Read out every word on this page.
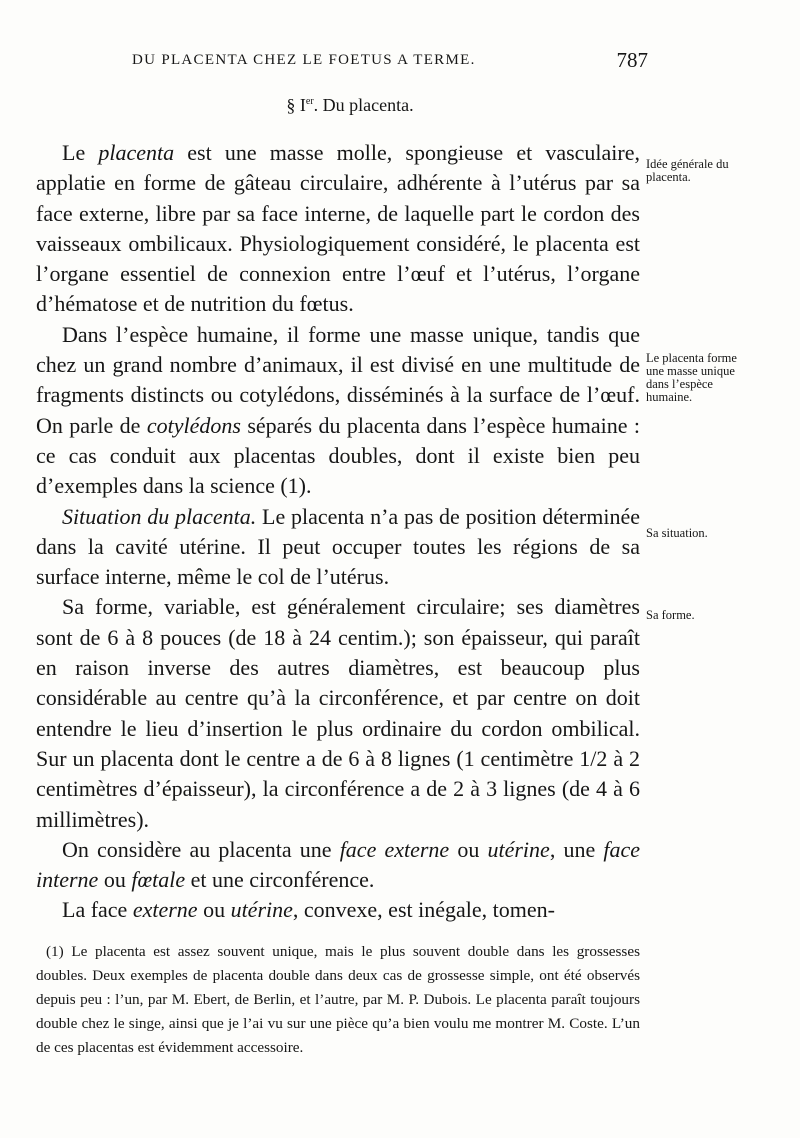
DU PLACENTA CHEZ LE FOETUS A TERME.	787
§ Ier. Du placenta.

Le placenta est une masse molle, spongieuse et vasculaire, applatie en forme de gâteau circulaire, adhérente à l’utérus par sa face externe, libre par sa face interne, de laquelle part le cordon des vaisseaux ombilicaux. Physiologiquement considéré, le placenta est l’organe essentiel de connexion entre l’œuf et l’utérus, l’organe d’hématose et de nutrition du fœtus.

Dans l’espèce humaine, il forme une masse unique, tandis que chez un grand nombre d’animaux, il est divisé en une multitude de fragments distincts ou cotylédons, disséminés à la surface de l’œuf. On parle de cotylédons séparés du placenta dans l’espèce humaine : ce cas conduit aux placentas doubles, dont il existe bien peu d’exemples dans la science (1).

Situation du placenta. Le placenta n’a pas de position déterminée dans la cavité utérine. Il peut occuper toutes les régions de sa surface interne, même le col de l’utérus.

Sa forme, variable, est généralement circulaire; ses diamètres sont de 6 à 8 pouces (de 18 à 24 centim.); son épaisseur, qui paraît en raison inverse des autres diamètres, est beaucoup plus considérable au centre qu’à la circonférence, et par centre on doit entendre le lieu d’insertion le plus ordinaire du cordon ombilical. Sur un placenta dont le centre a de 6 à 8 lignes (1 centimètre 1/2 à 2 centimètres d’épaisseur), la circonférence a de 2 à 3 lignes (de 4 à 6 millimètres).

On considère au placenta une face externe ou utérine, une face interne ou fœtale et une circonférence.

La face externe ou utérine, convexe, est inégale, tomen-

(1) Le placenta est assez souvent unique, mais le plus souvent double dans les grossesses doubles. Deux exemples de placenta double dans deux cas de grossesse simple, ont été observés depuis peu : l’un, par M. Ebert, de Berlin, et l’autre, par M. P. Dubois. Le placenta paraît toujours double chez le singe, ainsi que je l’ai vu sur une pièce qu’a bien voulu me montrer M. Coste. L’un de ces placentas est évidemment accessoire.

Idée générale du placenta.
Le placenta forme une masse unique dans l’espèce humaine.
Sa situation.
Sa forme.
